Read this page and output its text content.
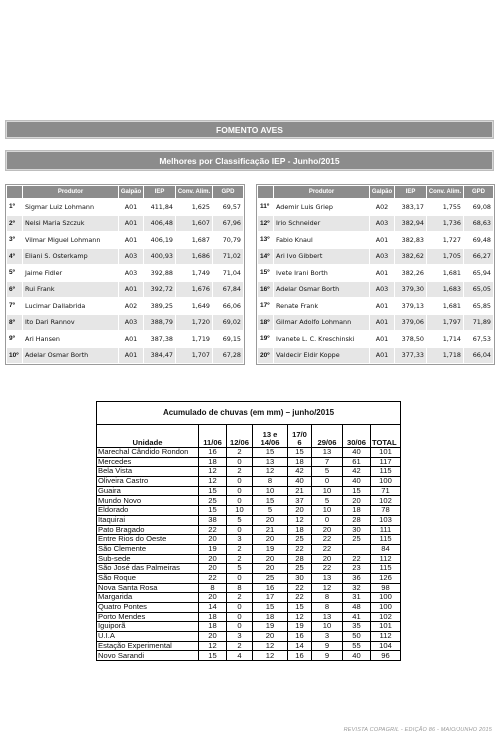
FOMENTO AVES
Melhores por Classificação IEP - Junho/2015
	Produtor	Galpão	IEP	Conv. Alim.	GPD
1º	Sigmar Luiz Lohmann	A01	411,84	1,625	69,57
2º	Nelsi Maria Szczuk	A01	406,48	1,607	67,96
3º	Vilmar Miguel Lohmann	A01	406,19	1,687	70,79
4º	Eliani S. Osterkamp	A03	400,93	1,686	71,02
5º	Jaime Fidler	A03	392,88	1,749	71,04
6º	Rui Frank	A01	392,72	1,676	67,84
7º	Lucimar Dallabrida	A02	389,25	1,649	66,06
8º	Ito Dari Rannov	A03	388,79	1,720	69,02
9º	Ari Hansen	A01	387,38	1,719	69,15
10º	Adelar Osmar Borth	A01	384,47	1,707	67,28
	Produtor	Galpão	IEP	Conv. Alim.	GPD
11º	Ademir Luis Griep	A02	383,17	1,755	69,08
12º	Irio Schneider	A03	382,94	1,736	68,63
13º	Fabio Knaul	A01	382,83	1,727	69,48
14º	Ari Ivo Gibbert	A03	382,62	1,705	66,27
15º	Ivete Irani Borth	A01	382,26	1,681	65,94
16º	Adelar Osmar Borth	A03	379,30	1,683	65,05
17º	Renate Frank	A01	379,13	1,681	65,85
18º	Gilmar Adolfo Lohmann	A01	379,06	1,797	71,89
19º	Ivanete L. C. Kreschinski	A01	378,50	1,714	67,53
20º	Valdecir Eldir Koppe	A01	377,33	1,718	66,04
Acumulado de chuvas (em mm) – junho/2015							
Unidade	11/06	12/06	13 e 14/06	17/0 6	29/06	30/06	TOTAL
Marechal Cândido Rondon	16	2	15	15	13	40	101
Mercedes	18	0	13	18	7	61	117
Bela Vista	12	2	12	42	5	42	115
Oliveira Castro	12	0	8	40	0	40	100
Guaira	15	0	10	21	10	15	71
Mundo Novo	25	0	15	37	5	20	102
Eldorado	15	10	5	20	10	18	78
Itaquirai	38	5	20	12	0	28	103
Pato Bragado	22	0	21	18	20	30	111
Entre Rios do Oeste	20	3	20	25	22	25	115
São Clemente	19	2	19	22	22		84
Sub-sede	20	2	20	28	20	22	112
São José das Palmeiras	20	5	20	25	22	23	115
São Roque	22	0	25	30	13	36	126
Nova Santa Rosa	8	8	16	22	12	32	98
Margarida	20	2	17	22	8	31	100
Quatro Pontes	14	0	15	15	8	48	100
Porto Mendes	18	0	18	12	13	41	102
Iguiporã	18	0	19	19	10	35	101
U.I.A	20	3	20	16	3	50	112
Estação Experimental	12	2	12	14	9	55	104
Novo Sarandi	15	4	12	16	9	40	96
REVISTA COPAGRIL - EDIÇÃO 86 - MAIO/JUNHO 2015
